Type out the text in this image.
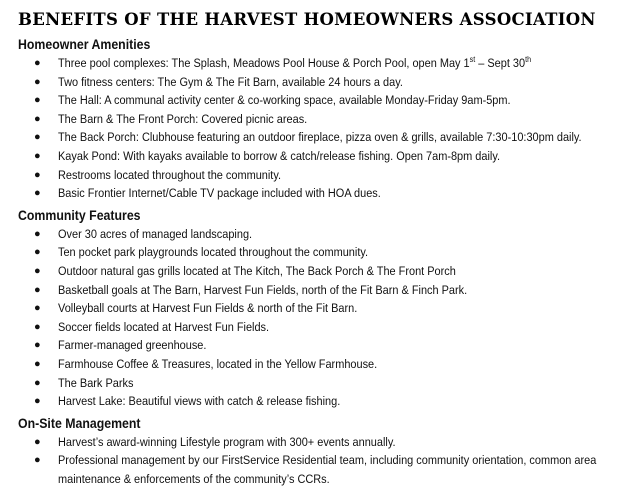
BENEFITS OF THE HARVEST HOMEOWNERS ASSOCIATION
Homeowner Amenities
● Three pool complexes: The Splash, Meadows Pool House & Porch Pool, open May 1st – Sept 30th
● Two fitness centers: The Gym & The Fit Barn, available 24 hours a day.
● The Hall: A communal activity center & co-working space, available Monday-Friday 9am-5pm.
● The Barn & The Front Porch: Covered picnic areas.
● The Back Porch: Clubhouse featuring an outdoor fireplace, pizza oven & grills, available 7:30-10:30pm daily.
● Kayak Pond: With kayaks available to borrow & catch/release fishing. Open 7am-8pm daily.
● Restrooms located throughout the community.
● Basic Frontier Internet/Cable TV package included with HOA dues.
Community Features
● Over 30 acres of managed landscaping.
● Ten pocket park playgrounds located throughout the community.
● Outdoor natural gas grills located at The Kitch, The Back Porch & The Front Porch
● Basketball goals at The Barn, Harvest Fun Fields, north of the Fit Barn & Finch Park.
● Volleyball courts at Harvest Fun Fields & north of the Fit Barn.
● Soccer fields located at Harvest Fun Fields.
● Farmer-managed greenhouse.
● Farmhouse Coffee & Treasures, located in the Yellow Farmhouse.
● The Bark Parks
● Harvest Lake: Beautiful views with catch & release fishing.
On-Site Management
● Harvest’s award-winning Lifestyle program with 300+ events annually.
● Professional management by our FirstService Residential team, including community orientation, common area maintenance & enforcements of the community’s CCRs.
